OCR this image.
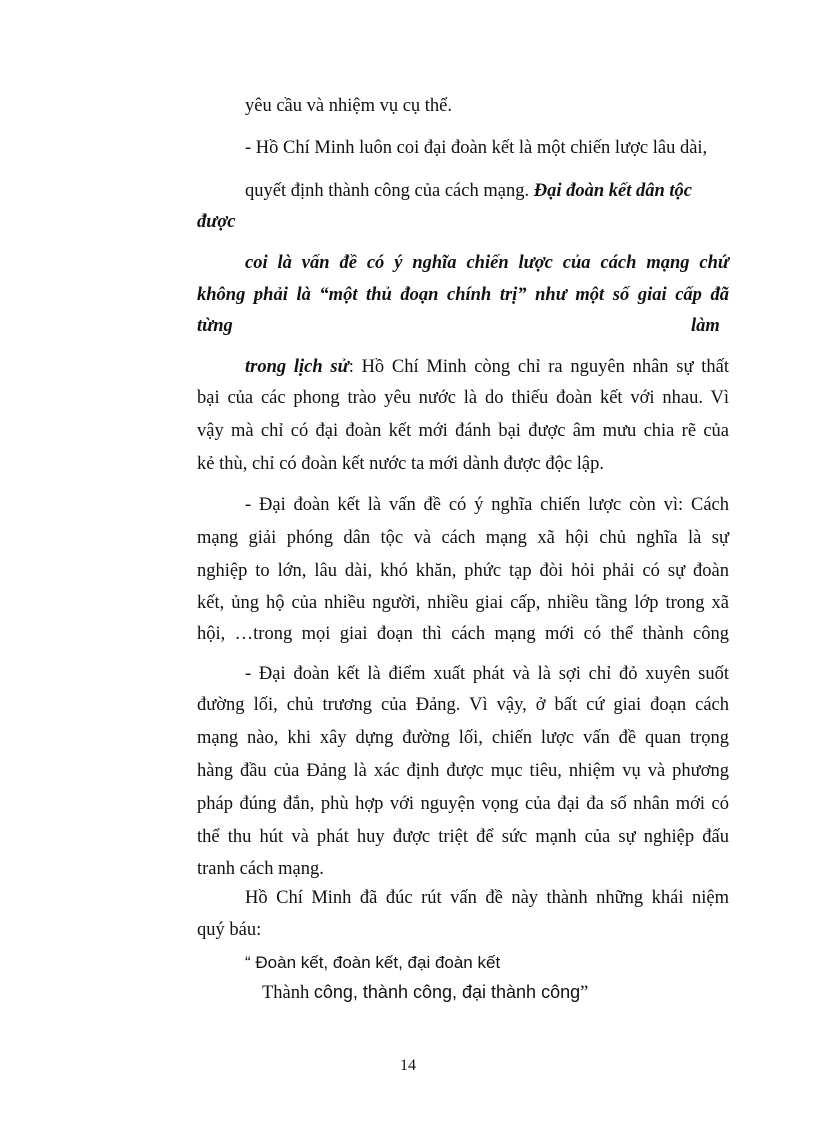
yêu cầu và nhiệm vụ cụ thể.
- Hồ Chí Minh luôn coi đại đoàn kết là một chiến lược lâu dài,
quyết định thành công của cách mạng. Đại đoàn kết dân tộc
được
coi là vấn đề có ý nghĩa chiến lược của cách mạng chứ
không phải là “một thủ đoạn chính trị” như một số giai cấp đã
từng	làm
trong lịch sử: Hồ Chí Minh còng chỉ ra nguyên nhân sự thất
bại của các phong trào yêu nước là do thiếu đoàn kết với nhau. Vì
vậy mà chỉ có đại đoàn kết mới đánh bại được âm mưu chia rẽ của
kẻ thù, chỉ có đoàn kết nước ta mới dành được độc lập.
- Đại đoàn kết là vấn đề có ý nghĩa chiến lược còn vì: Cách
mạng giải phóng dân tộc và cách mạng xã hội chủ nghĩa là sự
nghiệp to lớn, lâu dài, khó khăn, phức tạp đòi hỏi phải có sự đoàn
kết, ủng hộ của nhiều người, nhiều giai cấp, nhiều tầng lớp trong xã
hội, …trong mọi giai đoạn thì cách mạng mới có thể thành công
- Đại đoàn kết là điểm xuất phát và là sợi chỉ đỏ xuyên suốt
đường lối, chủ trương của Đảng. Vì vậy, ở bất cứ giai đoạn cách
mạng nào, khi xây dựng đường lối, chiến lược vấn đề quan trọng
hàng đầu của Đảng là xác định được mục tiêu, nhiệm vụ và phương
pháp đúng đắn, phù hợp với nguyện vọng của đại đa số nhân mới có
thể thu hút và phát huy được triệt để sức mạnh của sự nghiệp đấu
tranh cách mạng.
Hồ Chí Minh đã đúc rút vấn đề này thành những khái niệm
quý báu:
“ Đoàn kết, đoàn kết, đại đoàn kết
Thành công, thành công, đại thành công”
14
